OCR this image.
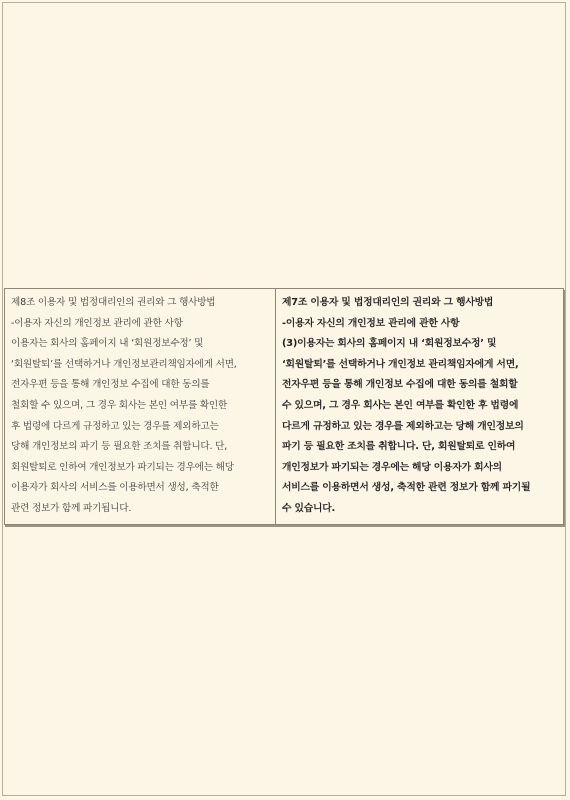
제8조 이용자 및 법정대리인의 권리와 그 행사방법
-이용자 자신의 개인정보 관리에 관한 사항
이용자는 회사의 홈페이지 내 ‘회원정보수정’ 및
‘회원탈퇴’를 선택하거나 개인정보관리책임자에게 서면,
전자우편 등을 통해 개인정보 수집에 대한 동의를
철회할 수 있으며, 그 경우 회사는 본인 여부를 확인한
후 법령에 다르게 규정하고 있는 경우를 제외하고는
당해 개인정보의 파기 등 필요한 조치를 취합니다. 단,
회원탈퇴로 인하여 개인정보가 파기되는 경우에는 해당
이용자가 회사의 서비스를 이용하면서 생성, 축적한
관련 정보가 함께 파기됩니다.

제7조 이용자 및 법정대리인의 권리와 그 행사방법
-이용자 자신의 개인정보 관리에 관한 사항
(3)이용자는 회사의 홈페이지 내 ‘회원정보수정’ 및
‘회원탈퇴’를 선택하거나 개인정보 관리책임자에게 서면,
전자우편 등을 통해 개인정보 수집에 대한 동의를 철회할
수 있으며, 그 경우 회사는 본인 여부를 확인한 후 법령에
다르게 규정하고 있는 경우를 제외하고는 당해 개인정보의
파기 등 필요한 조치를 취합니다. 단, 회원탈퇴로 인하여
개인정보가 파기되는 경우에는 해당 이용자가 회사의
서비스를 이용하면서 생성, 축적한 관련 정보가 함께 파기될
수 있습니다.
